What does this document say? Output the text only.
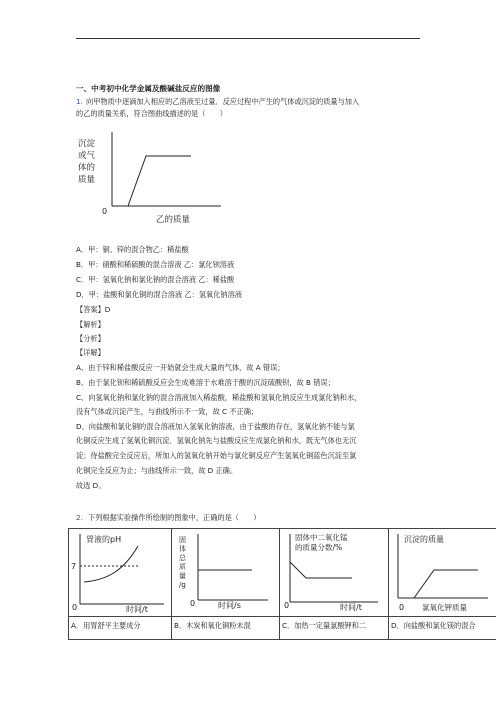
一、中考初中化学金属及酸碱盐反应的图像
1. 向甲物质中逐滴加入相应的乙溶液至过量．反应过程中产生的气体或沉淀的质量与加入
的乙的质量关系，符合图曲线描述的是（　　）
沉淀
或气
体的
质量
0
乙的质量
A．甲：铜、锌的混合物乙：稀盐酸
B．甲：硝酸和稀硫酸的混合溶液 乙：氯化钡溶液
C．甲：氢氧化钠和氯化钠的混合溶液 乙：稀盐酸
D．甲：盐酸和氯化铜的混合溶液 乙：氢氧化钠溶液
【答案】D
【解析】
【分析】
【详解】
A、由于锌和稀盐酸反应一开始就会生成大量的气体，故 A 错误；
B、由于氯化钡和稀硫酸反应会生成难溶于水难溶于酸的沉淀硫酸钡，故 B 错误；
C、向氢氧化钠和氯化钠的混合溶液加入稀盐酸，稀盐酸和氢氧化钠反应生成氯化钠和水，
没有气体或沉淀产生，与曲线所示不一致，故 C 不正确；
D、向盐酸和氯化铜的混合溶液加入氢氧化钠溶液，由于盐酸的存在，氢氧化钠不能与氯
化铜反应生成了氢氧化铜沉淀．氢氧化钠先与盐酸反应生成氯化钠和水，既无气体也无沉
淀；待盐酸完全反应后，所加入的氢氧化钠开始与氯化铜反应产生氢氧化铜蓝色沉淀至氯
化铜完全反应为止；与曲线所示一致，故 D 正确。
故选 D。
2. 下列根据实验操作所绘制的图象中，正确的是（　　）
胃液的pH
7
0	时间/t
固
体
总
质
量
/g
0	时间/s
固体中二氧化锰
的质量分数/%
0	时间/t
沉淀的质量
0 氯氧化钾质量
A．用胃舒平主要成分	B．木炭和氧化铜粉末混	C．加热一定量氯酸钾和二	D．向盐酸和氯化镁的混合
